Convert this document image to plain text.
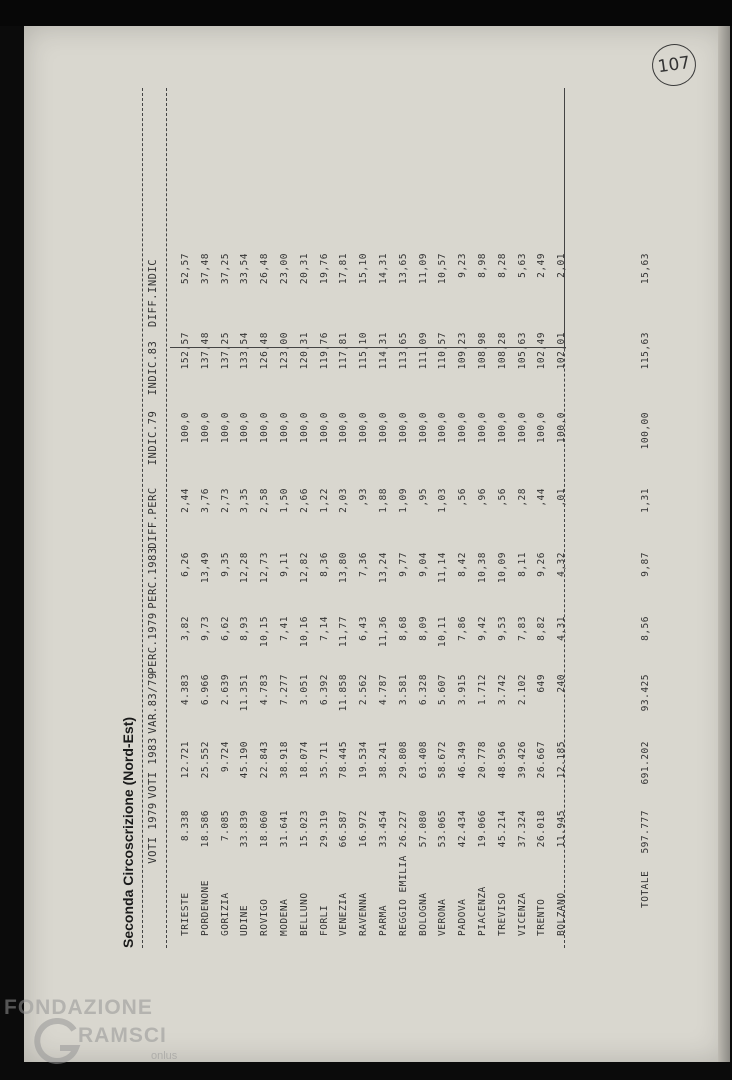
107
Seconda Circoscrizione (Nord-Est) VOTI 1979
VOTI 1983
VAR.83/79
PERC.1979
PERC.1983
DIFF.PERC
INDIC.79
INDIC.83
DIFF.INDIC
TRIESTE
8.338
12.721
4.383
3,82
6,26
2,44
100,0
152,57
52,57
PORDENONE
18.586
25.552
6.966
9,73
13,49
3,76
100,0
137,48
37,48
GORIZIA
7.085
9.724
2.639
6,62
9,35
2,73
100,0
137,25
37,25
UDINE
33.839
45.190
11.351
8,93
12,28
3,35
100,0
133,54
33,54
ROVIGO
18.060
22.843
4.783
10,15
12,73
2,58
100,0
126,48
26,48
MODENA
31.641
38.918
7.277
7,41
9,11
1,50
100,0
123,00
23,00
BELLUNO
15.023
18.074
3.051
10,16
12,82
2,66
100,0
120,31
20,31
FORLI
29.319
35.711
6.392
7,14
8,36
1,22
100,0
119,76
19,76
VENEZIA
66.587
78.445
11.858
11,77
13,80
2,03
100,0
117,81
17,81
RAVENNA
16.972
19.534
2.562
6,43
7,36
,93
100,0
115,10
15,10
PARMA
33.454
38.241
4.787
11,36
13,24
1,88
100,0
114,31
14,31
REGGIO EMILIA
26.227
29.808
3.581
8,68
9,77
1,09
100,0
113,65
13,65
BOLOGNA
57.080
63.408
6.328
8,09
9,04
,95
100,0
111,09
11,09
VERONA
53.065
58.672
5.607
10,11
11,14
1,03
100,0
110,57
10,57
PADOVA
42.434
46.349
3.915
7,86
8,42
,56
100,0
109,23
9,23
PIACENZA
19.066
20.778
1.712
9,42
10,38
,96
100,0
108,98
8,98
TREVISO
45.214
48.956
3.742
9,53
10,09
,56
100,0
108,28
8,28
VICENZA
37.324
39.426
2.102
7,83
8,11
,28
100,0
105,63
5,63
TRENTO
26.018
26.667
649
8,82
9,26
,44
100,0
102,49
2,49
BOLZANO
11.945
12.185
240
4,31
4,32
,01
100,0
102,01
2,01
TOTALE
597.777
691.202
93.425
8,56
9,87
1,31
100,00
115,63
15,63
FONDAZIONE
RAMSCI
onlus
